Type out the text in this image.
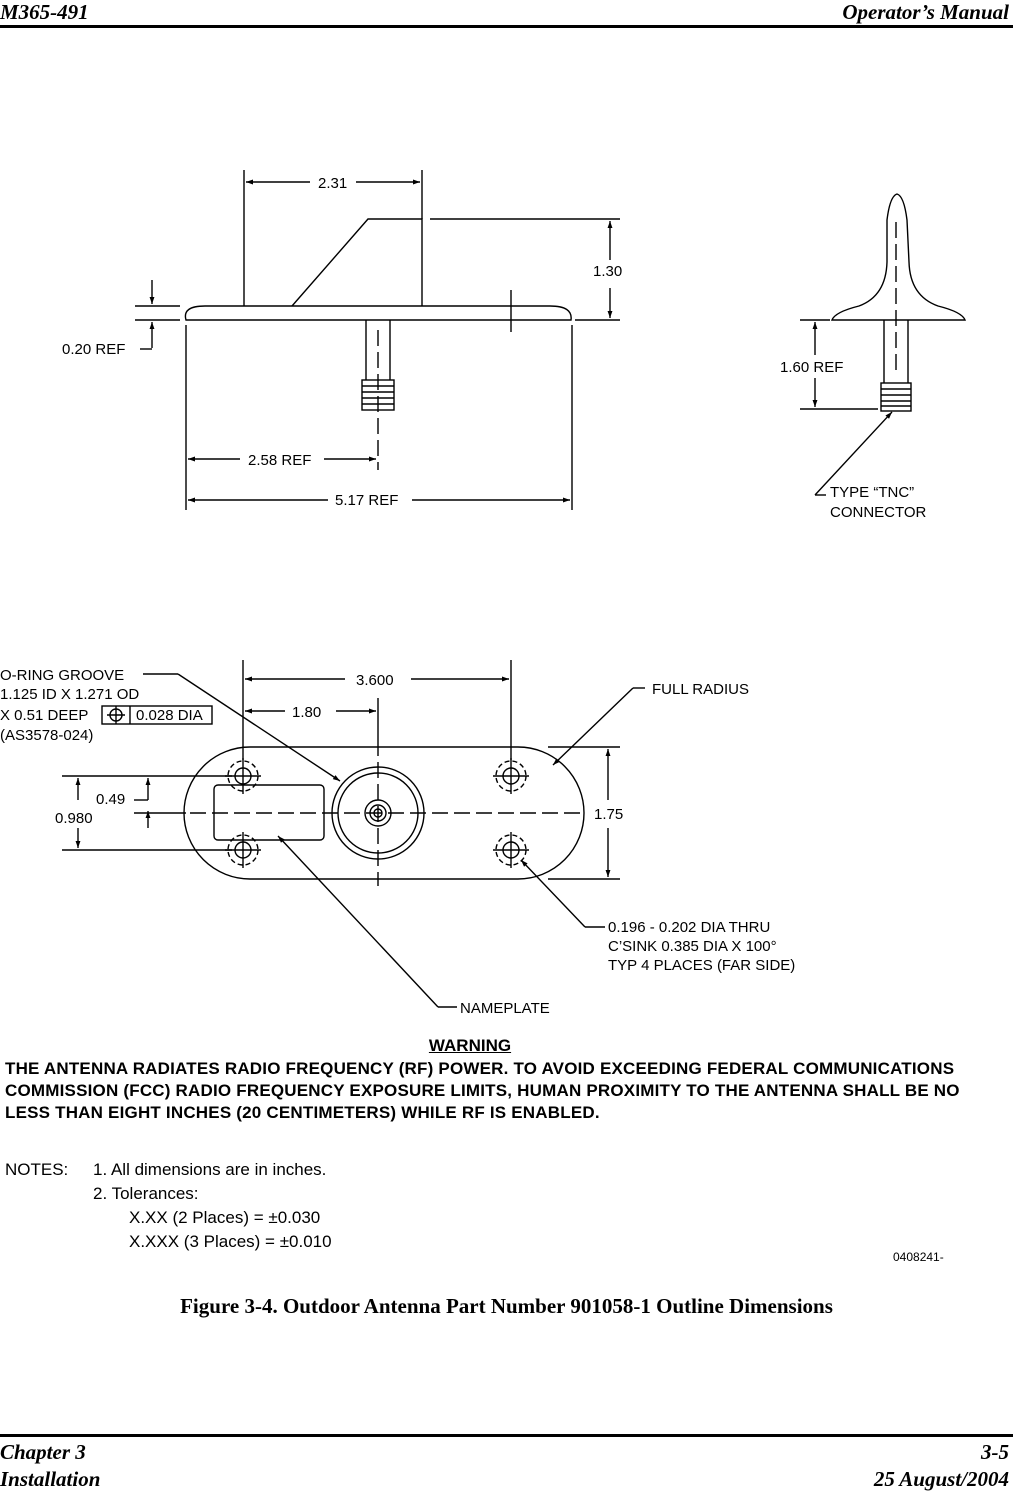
M365-491	Operator’s Manual
2.31
1.30
0.20 REF
2.58 REF
5.17 REF
1.60 REF
TYPE “TNC”
CONNECTOR
O-RING GROOVE
1.125 ID X 1.271 OD
X 0.51 DEEP	0.028 DIA
(AS3578-024)
3.600
1.80
FULL RADIUS
0.49
0.980	1.75
0.196 - 0.202 DIA THRU
C’SINK 0.385 DIA X 100°
TYP 4 PLACES (FAR SIDE)
NAMEPLATE
WARNING
THE ANTENNA RADIATES RADIO FREQUENCY (RF) POWER. TO AVOID EXCEEDING FEDERAL COMMUNICATIONS COMMISSION (FCC) RADIO FREQUENCY EXPOSURE LIMITS, HUMAN PROXIMITY TO THE ANTENNA SHALL BE NO LESS THAN EIGHT INCHES (20 CENTIMETERS) WHILE RF IS ENABLED.
NOTES: 1. All dimensions are in inches.
2. Tolerances:
X.XX (2 Places) = ±0.030
X.XXX (3 Places) = ±0.010
0408241-
Figure 3-4. Outdoor Antenna Part Number 901058-1 Outline Dimensions
Chapter 3
Installation
3-5
25 August/2004
